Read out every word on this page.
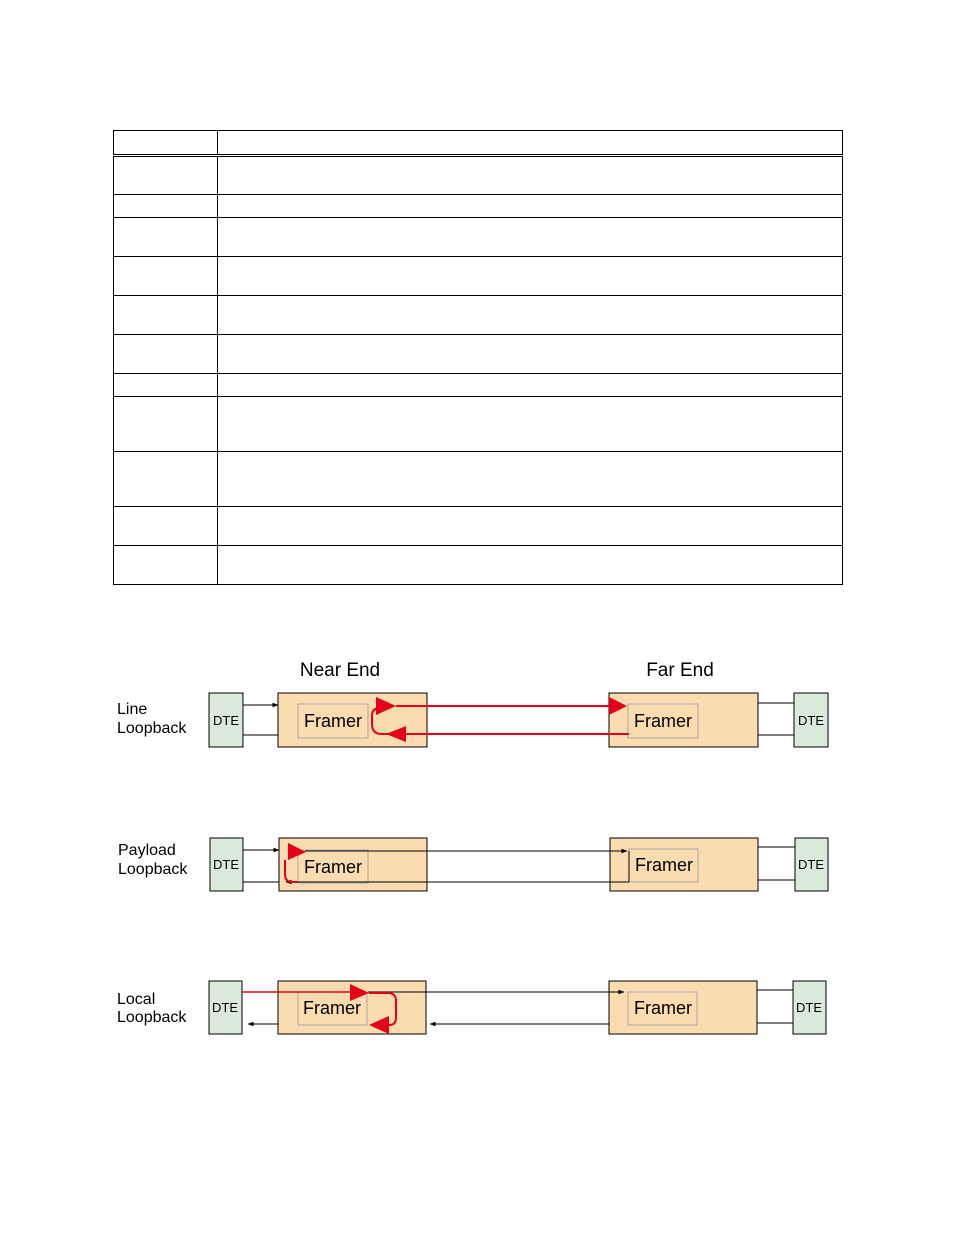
Near End	Far End
Line
Loopback DTE	Framer	Framer	DTE
Payload
Loopback DTE	Framer	Framer	DTE
Local
Loopback
DTE	Framer	Framer	DTE
